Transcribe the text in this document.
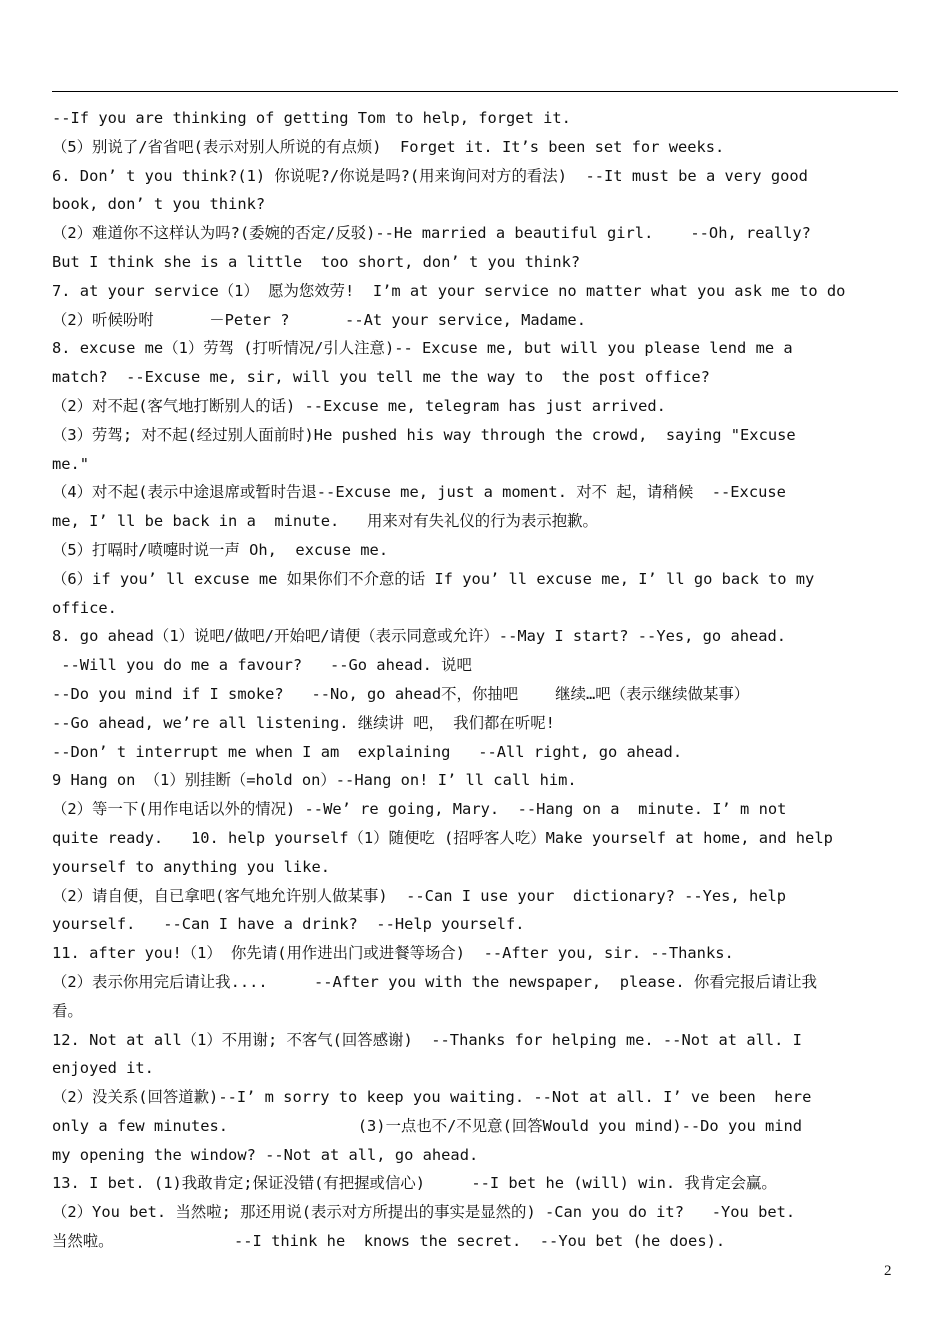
--If you are thinking of getting Tom to help, forget it.
（5）别说了/省省吧(表示对别人所说的有点烦)  Forget it. It’s been set for weeks.
6. Don’ t you think?(1) 你说呢?/你说是吗?(用来询问对方的看法)  --It must be a very good
book, don’ t you think?
（2）难道你不这样认为吗?(委婉的否定/反驳)--He married a beautiful girl.    --Oh, really?
But I think she is a little  too short, don’ t you think?
7. at your service（1） 愿为您效劳!  I’m at your service no matter what you ask me to do
（2）听候吩咐      －Peter ?      --At your service, Madame.
8. excuse me（1）劳驾 (打听情况/引人注意)-- Excuse me, but will you please lend me a
match?  --Excuse me, sir, will you tell me the way to  the post office?
（2）对不起(客气地打断别人的话) --Excuse me, telegram has just arrived.
（3）劳驾; 对不起(经过别人面前时)He pushed his way through the crowd,  saying "Excuse
me."
（4）对不起(表示中途退席或暂时告退--Excuse me, just a moment. 对不 起，请稍候  --Excuse
me, I’ ll be back in a  minute.   用来对有失礼仪的行为表示抱歉。
（5）打嗝时/喷嚏时说一声 Oh,  excuse me.
（6）if you’ ll excuse me 如果你们不介意的话 If you’ ll excuse me, I’ ll go back to my
office.
8. go ahead（1）说吧/做吧/开始吧/请便（表示同意或允许）--May I start? --Yes, go ahead.
--Will you do me a favour?   --Go ahead. 说吧
--Do you mind if I smoke?   --No, go ahead不，你抽吧    继续…吧（表示继续做某事）
--Go ahead, we’re all listening. 继续讲 吧， 我们都在听呢!
--Don’ t interrupt me when I am  explaining   --All right, go ahead.
9 Hang on （1）别挂断（=hold on）--Hang on! I’ ll call him.
（2）等一下(用作电话以外的情况) --We’ re going, Mary.  --Hang on a  minute. I’ m not
quite ready.   10. help yourself（1）随便吃 (招呼客人吃）Make yourself at home, and help
yourself to anything you like.
（2）请自便，自已拿吧(客气地允许别人做某事)  --Can I use your  dictionary? --Yes, help
yourself.   --Can I have a drink?  --Help yourself.
11. after you!（1） 你先请(用作进出门或进餐等场合)  --After you, sir. --Thanks.
（2）表示你用完后请让我....     --After you with the newspaper,  please. 你看完报后请让我
看。
12. Not at all（1）不用谢; 不客气(回答感谢)  --Thanks for helping me. --Not at all. I
enjoyed it.
（2）没关系(回答道歉)--I’ m sorry to keep you waiting. --Not at all. I’ ve been  here
only a few minutes.              (3)一点也不/不见意(回答Would you mind)--Do you mind
my opening the window? --Not at all, go ahead.
13. I bet. (1)我敢肯定;保证没错(有把握或信心)     --I bet he (will) win. 我肯定会赢。
（2）You bet. 当然啦; 那还用说(表示对方所提出的事实是显然的) -Can you do it?   -You bet.
当然啦。             --I think he  knows the secret.  --You bet (he does).
2
